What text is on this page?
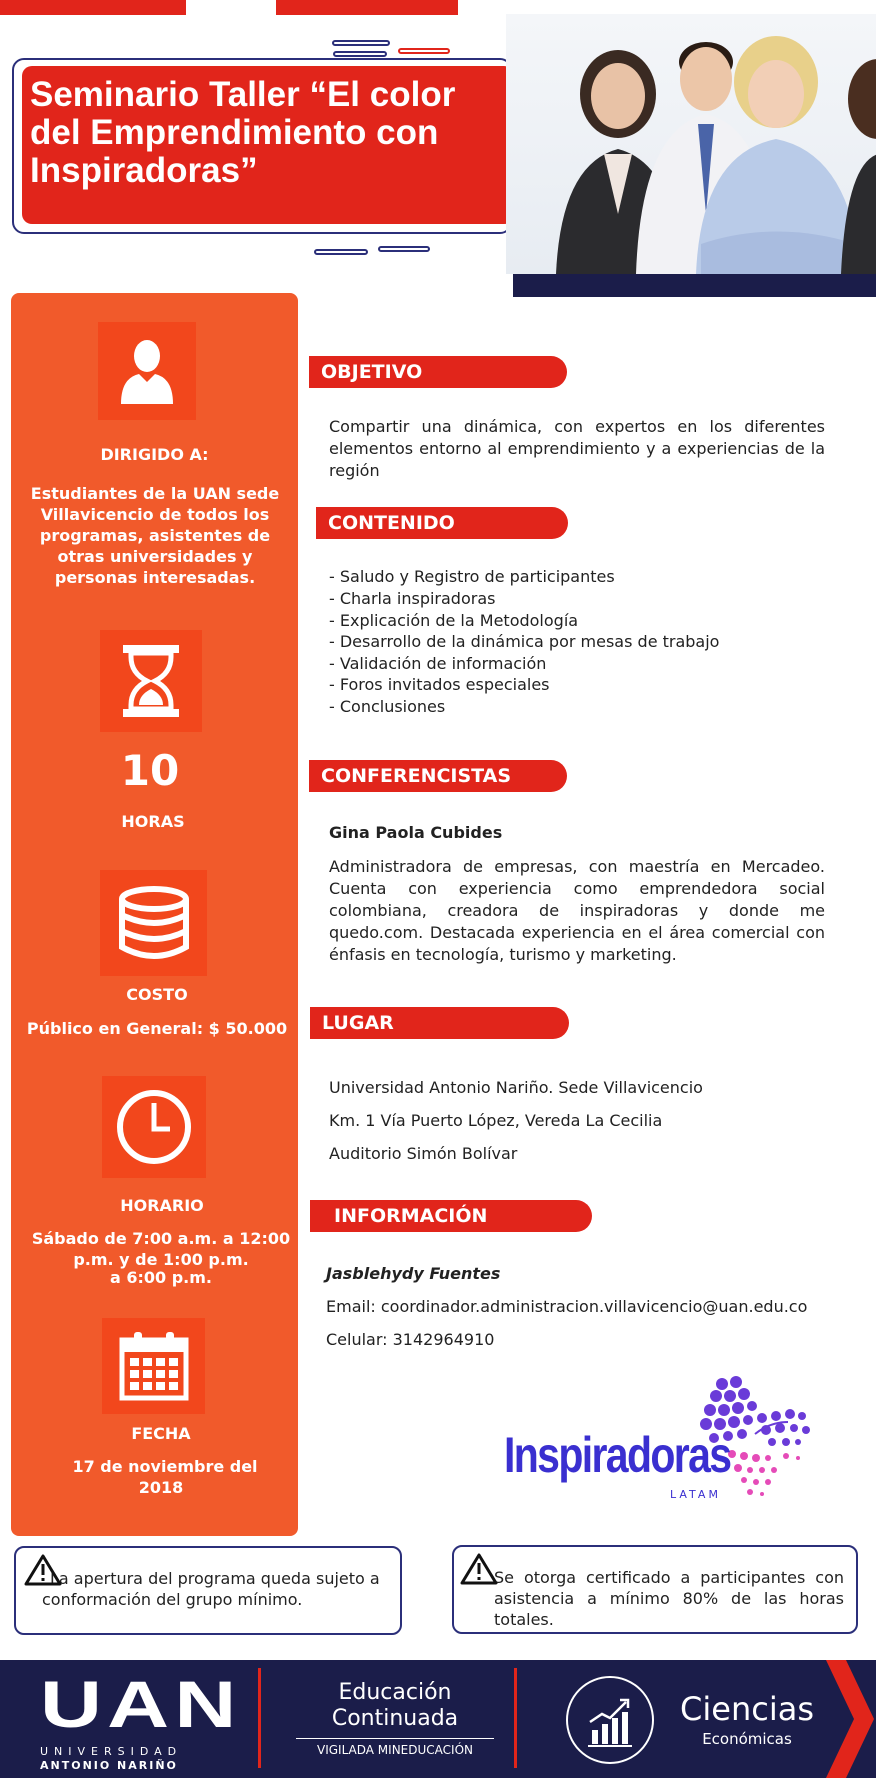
Seminario Taller “El color del Emprendimiento con Inspiradoras”
DIRIGIDO A:
Estudiantes de la UAN sede Villavicencio de todos los programas, asistentes de otras universidades y personas interesadas.
10
HORAS
COSTO
Público en General: $ 50.000
HORARIO
Sábado de 7:00 a.m. a 12:00
p.m. y de 1:00 p.m.
a 6:00 p.m.
FECHA
17 de noviembre del
2018
OBJETIVO
Compartir una dinámica, con expertos en los diferentes elementos entorno al emprendimiento y a experiencias de la región
CONTENIDO
- Saludo y Registro de participantes
- Charla inspiradoras
- Explicación de la Metodología
- Desarrollo de la dinámica por mesas de trabajo
- Validación de información
- Foros invitados especiales
- Conclusiones
CONFERENCISTAS
Gina Paola Cubides
Administradora de empresas, con maestría en Mercadeo. Cuenta con experiencia como emprendedora social colombiana, creadora de inspiradoras y donde me quedo.com. Destacada experiencia en el área comercial con énfasis en tecnología, turismo y marketing.
LUGAR
Universidad Antonio Nariño. Sede Villavicencio
Km. 1 Vía Puerto López, Vereda La Cecilia
Auditorio Simón Bolívar
INFORMACIÓN
Jasblehydy Fuentes
Email: coordinador.administracion.villavicencio@uan.edu.co
Celular: 3142964910
Inspiradoras
LATAM
La apertura del programa queda sujeto a conformación del grupo mínimo.
Se otorga certificado a participantes con asistencia a mínimo 80% de las horas totales.
UAN
UNIVERSIDAD
ANTONIO NARIÑO
Educación
Continuada
VIGILADA MINEDUCACIÓN
Ciencias
Económicas
